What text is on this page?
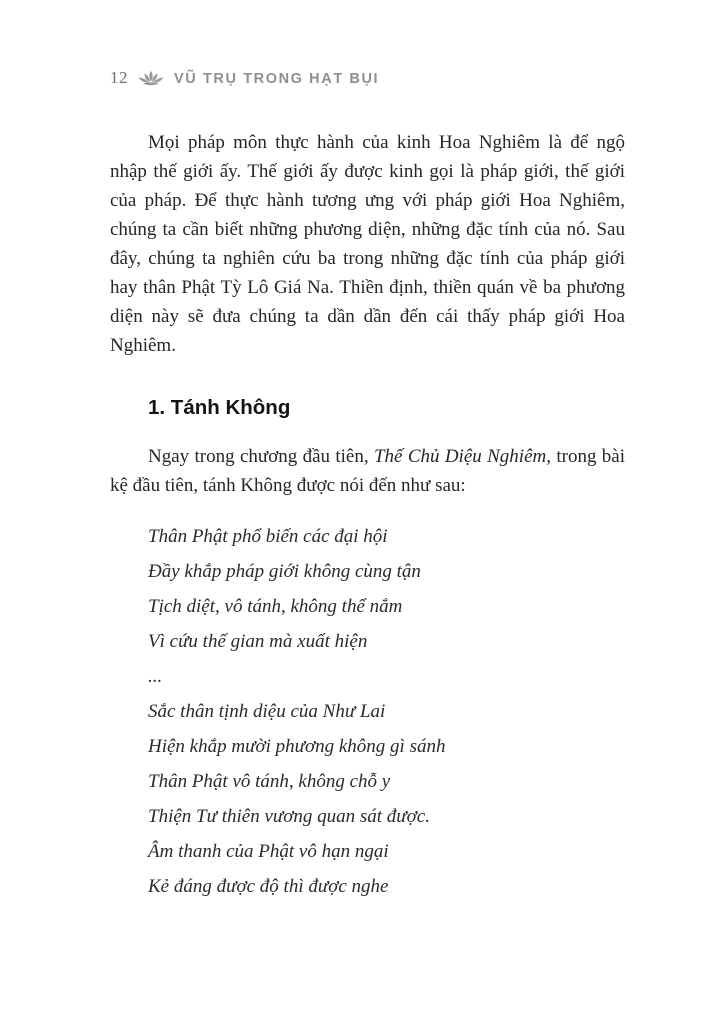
12	VŨ TRỤ TRONG HẠT BỤI

Mọi pháp môn thực hành của kinh Hoa Nghiêm là để ngộ nhập thế giới ấy. Thế giới ấy được kinh gọi là pháp giới, thế giới của pháp. Để thực hành tương ưng với pháp giới Hoa Nghiêm, chúng ta cần biết những phương diện, những đặc tính của nó. Sau đây, chúng ta nghiên cứu ba trong những đặc tính của pháp giới hay thân Phật Tỳ Lô Giá Na. Thiền định, thiền quán về ba phương diện này sẽ đưa chúng ta dần dần đến cái thấy pháp giới Hoa Nghiêm.

1. Tánh Không

Ngay trong chương đầu tiên, Thế Chủ Diệu Nghiêm, trong bài kệ đầu tiên, tánh Không được nói đến như sau:

Thân Phật phổ biến các đại hội

Đầy khắp pháp giới không cùng tận

Tịch diệt, vô tánh, không thể nắm

Vì cứu thế gian mà xuất hiện

...

Sắc thân tịnh diệu của Như Lai

Hiện khắp mười phương không gì sánh

Thân Phật vô tánh, không chỗ y

Thiện Tư thiên vương quan sát được.

Âm thanh của Phật vô hạn ngại

Kẻ đáng được độ thì được nghe
